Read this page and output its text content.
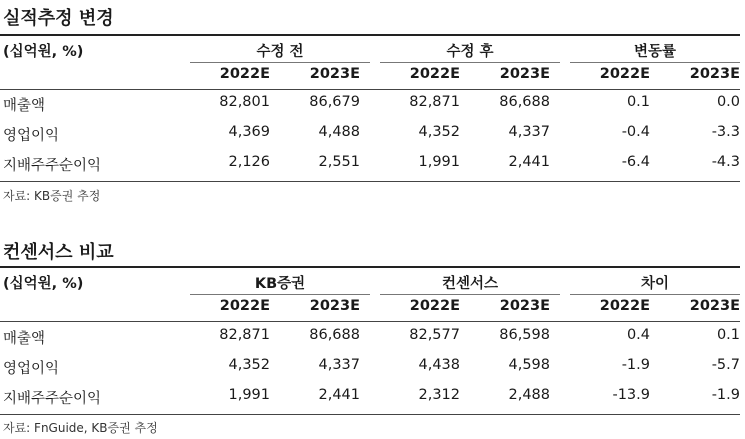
실적추정 변경
(십억원, %)	수정 전	수정 후	변동률
2022E	2023E	2022E	2023E	2022E	2023E
매출액	82,801	86,679	82,871	86,688	0.1	0.0
영업이익	4,369	4,488	4,352	4,337	-0.4	-3.3
지배주주순이익	2,126	2,551	1,991	2,441	-6.4	-4.3
자료: KB증권 추정
컨센서스 비교
(십억원, %)	KB증권	컨센서스	차이
2022E	2023E	2022E	2023E	2022E	2023E
매출액	82,871	86,688	82,577	86,598	0.4	0.1
영업이익	4,352	4,337	4,438	4,598	-1.9	-5.7
지배주주순이익	1,991	2,441	2,312	2,488	-13.9	-1.9
자료: FnGuide, KB증권 추정
